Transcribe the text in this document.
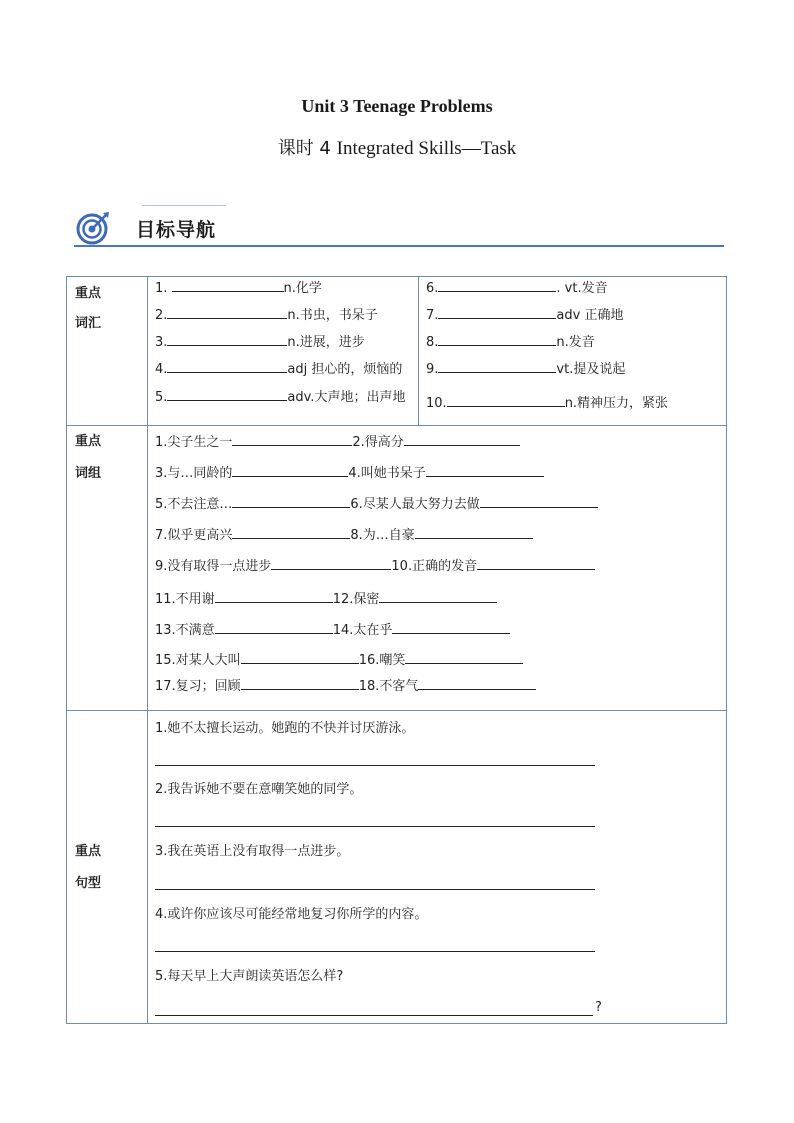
Unit 3 Teenage Problems
课时 4 Integrated Skills—Task
目标导航
重点
词汇
1.	n.化学
2.	n.书虫，书呆子
3.	n.进展，进步
4.	adj 担心的，烦恼的
5.	adv.大声地；出声地
6.	. vt.发音
7.	adv 正确地
8.	n.发音
9.	vt.提及说起
10.	n.精神压力，紧张
重点
词组
1.尖子生之一	2.得高分
3.与…同龄的	4.叫她书呆子
5.不去注意…	6.尽某人最大努力去做
7.似乎更高兴	8.为…自豪
9.没有取得一点进步	10.正确的发音
11.不用谢	12.保密
13.不满意	14.太在乎
15.对某人大叫	16.嘲笑
17.复习；回顾	18.不客气
重点
句型
1.她不太擅长运动。她跑的不快并讨厌游泳。
2.我告诉她不要在意嘲笑她的同学。
3.我在英语上没有取得一点进步。
4.或许你应该尽可能经常地复习你所学的内容。
5.每天早上大声朗读英语怎么样?
?
